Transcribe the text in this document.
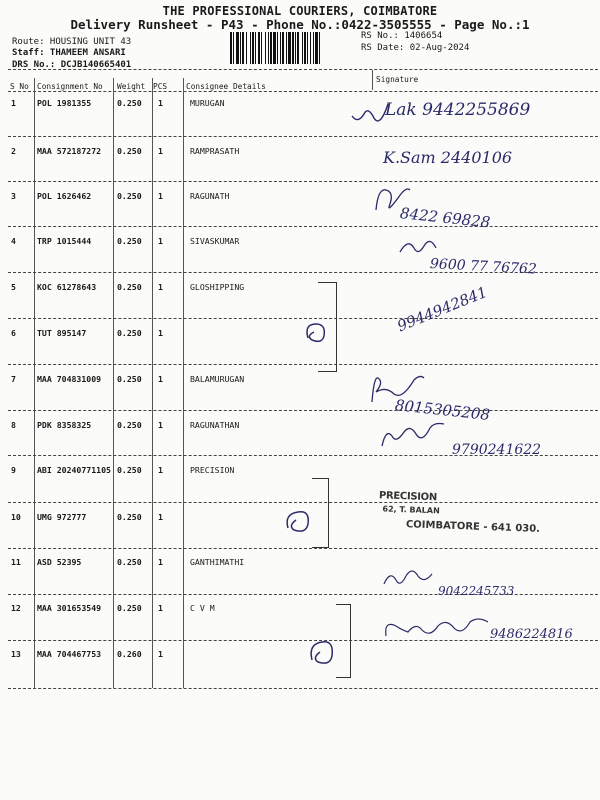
THE PROFESSIONAL COURIERS, COIMBATORE
Delivery Runsheet - P43 - Phone No.:0422-3505555 - Page No.:1
Route: HOUSING UNIT 43
Staff: THAMEEM ANSARI
DRS No.: DCJB140665401
RS No.: 1406654
RS Date: 02-Aug-2024
S No Consignment No Weight PCS Consignee Details
Signature
1	POL 1981355	0.250 1	MURUGAN
2	MAA 572187272 0.250 1	RAMPRASATH
3	POL 1626462	0.250 1	RAGUNATH
4	TRP 1015444	0.250 1	SIVASKUMAR
5	KOC 61278643	0.250 1	GLOSHIPPING
6	TUT 895147	0.250 1
7	MAA 704831009 0.250 1	BALAMURUGAN
8	PDK 8358325	0.250 1	RAGUNATHAN
9	ABI 20240771105 0.250 1	PRECISION
10 UMG 972777	0.250 1
11 ASD 52395	0.250 1	GANTHIMATHI
12 MAA 301653549 0.250 1	C V M
13 MAA 704467753 0.260 1
Lak 9442255869
K.Sam 2440106
8422 69828
9600 77 76762
9944942841
8015305208
9790241622
9042245733
9486224816
PRECISION
62, T. BALAN
COIMBATORE - 641 030.
